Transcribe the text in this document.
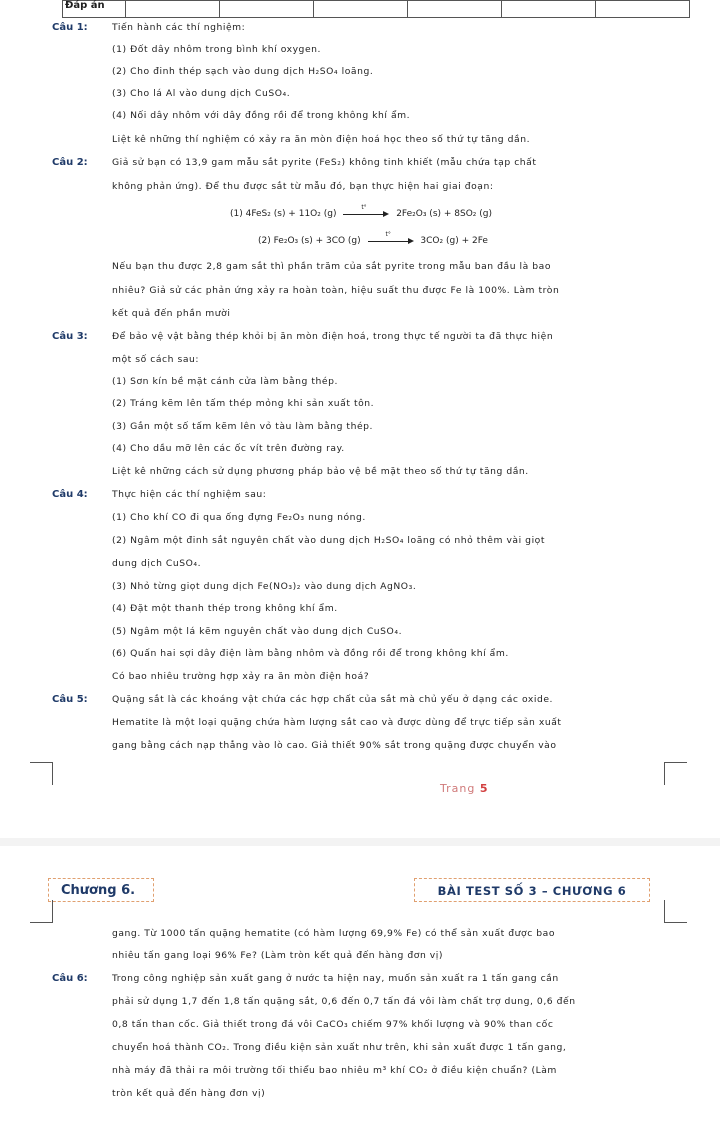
Đáp án						
Câu 1:	Tiến hành các thí nghiệm:
(1) Đốt dây nhôm trong bình khí oxygen.
(2) Cho đinh thép sạch vào dung dịch H₂SO₄ loãng.
(3) Cho lá Al vào dung dịch CuSO₄.
(4) Nối dây nhôm với dây đồng rồi để trong không khí ẩm.
Liệt kê những thí nghiệm có xảy ra ăn mòn điện hoá học theo số thứ tự tăng dần.
Câu 2:	Giả sử bạn có 13,9 gam mẫu sắt pyrite (FeS₂) không tinh khiết (mẫu chứa tạp chất
không phản ứng). Để thu được sắt từ mẫu đó, bạn thực hiện hai giai đoạn:
(1) 4FeS₂ (s) + 11O₂ (g)
t°
2Fe₂O₃ (s) + 8SO₂ (g)
(2) Fe₂O₃ (s) + 3CO (g)
t°
3CO₂ (g) + 2Fe
Nếu bạn thu được 2,8 gam sắt thì phần trăm của sắt pyrite trong mẫu ban đầu là bao
nhiêu? Giả sử các phản ứng xảy ra hoàn toàn, hiệu suất thu được Fe là 100%. Làm tròn
kết quả đến phần mười
Câu 3:	Để bảo vệ vật bằng thép khỏi bị ăn mòn điện hoá, trong thực tế người ta đã thực hiện
một số cách sau:
(1) Sơn kín bề mặt cánh cửa làm bằng thép.
(2) Tráng kẽm lên tấm thép mỏng khi sản xuất tôn.
(3) Gắn một số tấm kẽm lên vỏ tàu làm bằng thép.
(4) Cho dầu mỡ lên các ốc vít trên đường ray.
Liệt kê những cách sử dụng phương pháp bảo vệ bề mặt theo số thứ tự tăng dần.
Câu 4:	Thực hiện các thí nghiệm sau:
(1) Cho khí CO đi qua ống đựng Fe₂O₃ nung nóng.
(2) Ngâm một đinh sắt nguyên chất vào dung dịch H₂SO₄ loãng có nhỏ thêm vài giọt
dung dịch CuSO₄.
(3) Nhỏ từng giọt dung dịch Fe(NO₃)₂ vào dung dịch AgNO₃.
(4) Đặt một thanh thép trong không khí ẩm.
(5) Ngâm một lá kẽm nguyên chất vào dung dịch CuSO₄.
(6) Quấn hai sợi dây điện làm bằng nhôm và đồng rồi để trong không khí ẩm.
Có bao nhiêu trường hợp xảy ra ăn mòn điện hoá?
Câu 5:	Quặng sắt là các khoáng vật chứa các hợp chất của sắt mà chủ yếu ở dạng các oxide.
Hematite là một loại quặng chứa hàm lượng sắt cao và được dùng để trực tiếp sản xuất
gang bằng cách nạp thẳng vào lò cao. Giả thiết 90% sắt trong quặng được chuyển vào
Trang 5
Chương 6.	BÀI TEST SỐ 3 – CHƯƠNG 6
gang. Từ 1000 tấn quặng hematite (có hàm lượng 69,9% Fe) có thể sản xuất được bao
nhiêu tấn gang loại 96% Fe? (Làm tròn kết quả đến hàng đơn vị)
Câu 6:	Trong công nghiệp sản xuất gang ở nước ta hiện nay, muốn sản xuất ra 1 tấn gang cần
phải sử dụng 1,7 đến 1,8 tấn quặng sắt, 0,6 đến 0,7 tấn đá vôi làm chất trợ dung, 0,6 đến
0,8 tấn than cốc. Giả thiết trong đá vôi CaCO₃ chiếm 97% khối lượng và 90% than cốc
chuyển hoá thành CO₂. Trong điều kiện sản xuất như trên, khi sản xuất được 1 tấn gang,
nhà máy đã thải ra môi trường tối thiểu bao nhiêu m³ khí CO₂ ở điều kiện chuẩn? (Làm
tròn kết quả đến hàng đơn vị)
